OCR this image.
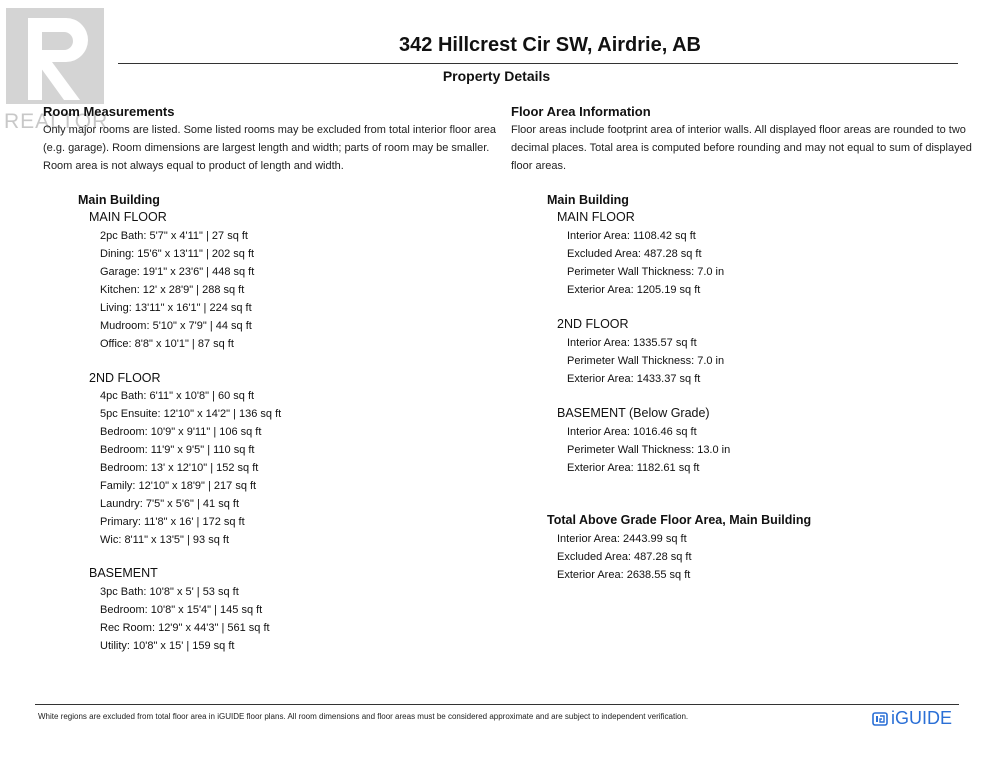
REALTOR
342 Hillcrest Cir SW, Airdrie, AB
Property Details
Room Measurements
Only major rooms are listed. Some listed rooms may be excluded from total interior floor area
(e.g. garage). Room dimensions are largest length and width; parts of room may be smaller.
Room area is not always equal to product of length and width.
Main Building
MAIN FLOOR
2pc Bath: 5'7" x 4'11" | 27 sq ft
Dining: 15'6" x 13'11" | 202 sq ft
Garage: 19'1" x 23'6" | 448 sq ft
Kitchen: 12' x 28'9" | 288 sq ft
Living: 13'11" x 16'1" | 224 sq ft
Mudroom: 5'10" x 7'9" | 44 sq ft
Office: 8'8" x 10'1" | 87 sq ft
2ND FLOOR
4pc Bath: 6'11" x 10'8" | 60 sq ft
5pc Ensuite: 12'10" x 14'2" | 136 sq ft
Bedroom: 10'9" x 9'11" | 106 sq ft
Bedroom: 11'9" x 9'5" | 110 sq ft
Bedroom: 13' x 12'10" | 152 sq ft
Family: 12'10" x 18'9" | 217 sq ft
Laundry: 7'5" x 5'6" | 41 sq ft
Primary: 11'8" x 16' | 172 sq ft
Wic: 8'11" x 13'5" | 93 sq ft
BASEMENT
3pc Bath: 10'8" x 5' | 53 sq ft
Bedroom: 10'8" x 15'4" | 145 sq ft
Rec Room: 12'9" x 44'3" | 561 sq ft
Utility: 10'8" x 15' | 159 sq ft
Floor Area Information
Floor areas include footprint area of interior walls. All displayed floor areas are rounded to two
decimal places. Total area is computed before rounding and may not equal to sum of displayed
floor areas.
Main Building
MAIN FLOOR
Interior Area: 1108.42 sq ft
Excluded Area: 487.28 sq ft
Perimeter Wall Thickness: 7.0 in
Exterior Area: 1205.19 sq ft
2ND FLOOR
Interior Area: 1335.57 sq ft
Perimeter Wall Thickness: 7.0 in
Exterior Area: 1433.37 sq ft
BASEMENT (Below Grade)
Interior Area: 1016.46 sq ft
Perimeter Wall Thickness: 13.0 in
Exterior Area: 1182.61 sq ft
Total Above Grade Floor Area, Main Building
Interior Area: 2443.99 sq ft
Excluded Area: 487.28 sq ft
Exterior Area: 2638.55 sq ft
White regions are excluded from total floor area in iGUIDE floor plans. All room dimensions and floor areas must be considered approximate and are subject to independent verification.	iGUIDE
